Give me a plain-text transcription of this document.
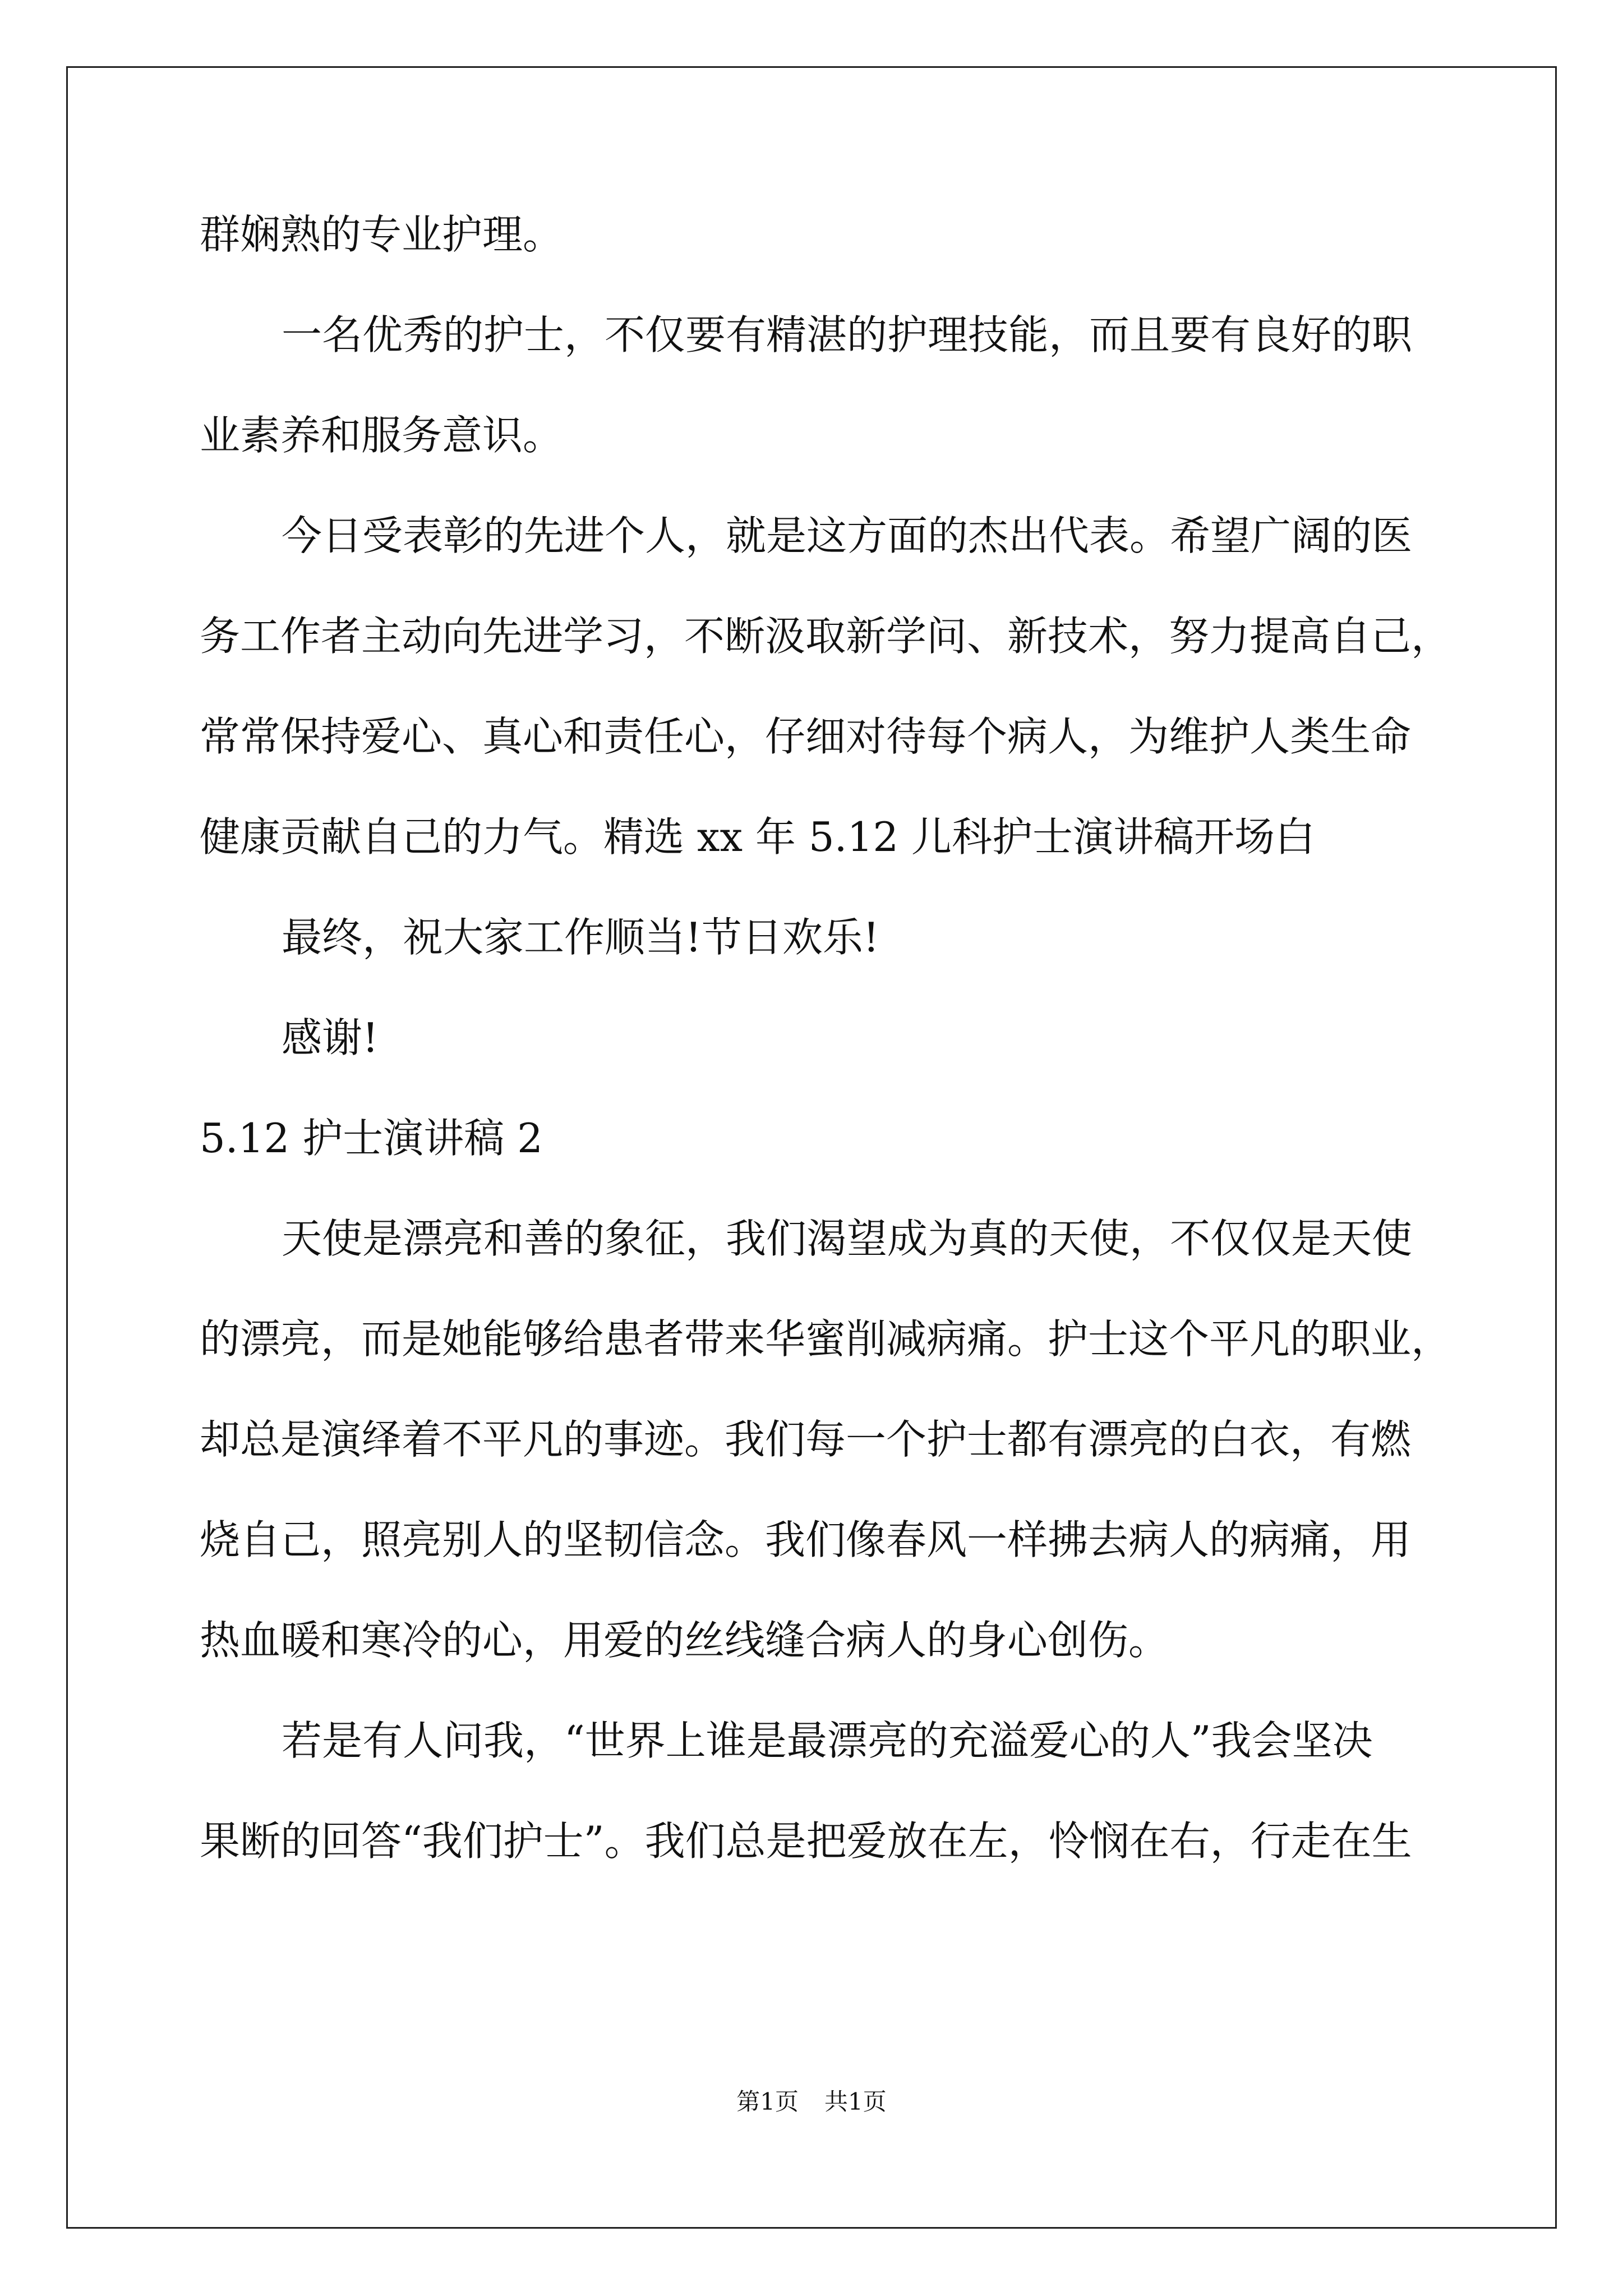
群娴熟的专业护理。
一名优秀的护士，不仅要有精湛的护理技能，而且要有良好的职
业素养和服务意识。
今日受表彰的先进个人，就是这方面的杰出代表。希望广阔的医
务工作者主动向先进学习，不断汲取新学问、新技术，努力提高自己，
常常保持爱心、真心和责任心，仔细对待每个病人，为维护人类生命
健康贡献自己的力气。精选 xx 年 5.12 儿科护士演讲稿开场白
最终，祝大家工作顺当!节日欢乐!
感谢!
5.12 护士演讲稿 2
天使是漂亮和善的象征，我们渴望成为真的天使，不仅仅是天使
的漂亮，而是她能够给患者带来华蜜削减病痛。护士这个平凡的职业，
却总是演绎着不平凡的事迹。我们每一个护士都有漂亮的白衣，有燃
烧自己，照亮别人的坚韧信念。我们像春风一样拂去病人的病痛，用
热血暖和寒冷的心，用爱的丝线缝合病人的身心创伤。
若是有人问我，“世界上谁是最漂亮的充溢爱心的人”我会坚决
果断的回答“我们护士”。我们总是把爱放在左，怜悯在右，行走在生
第1页 共1页
